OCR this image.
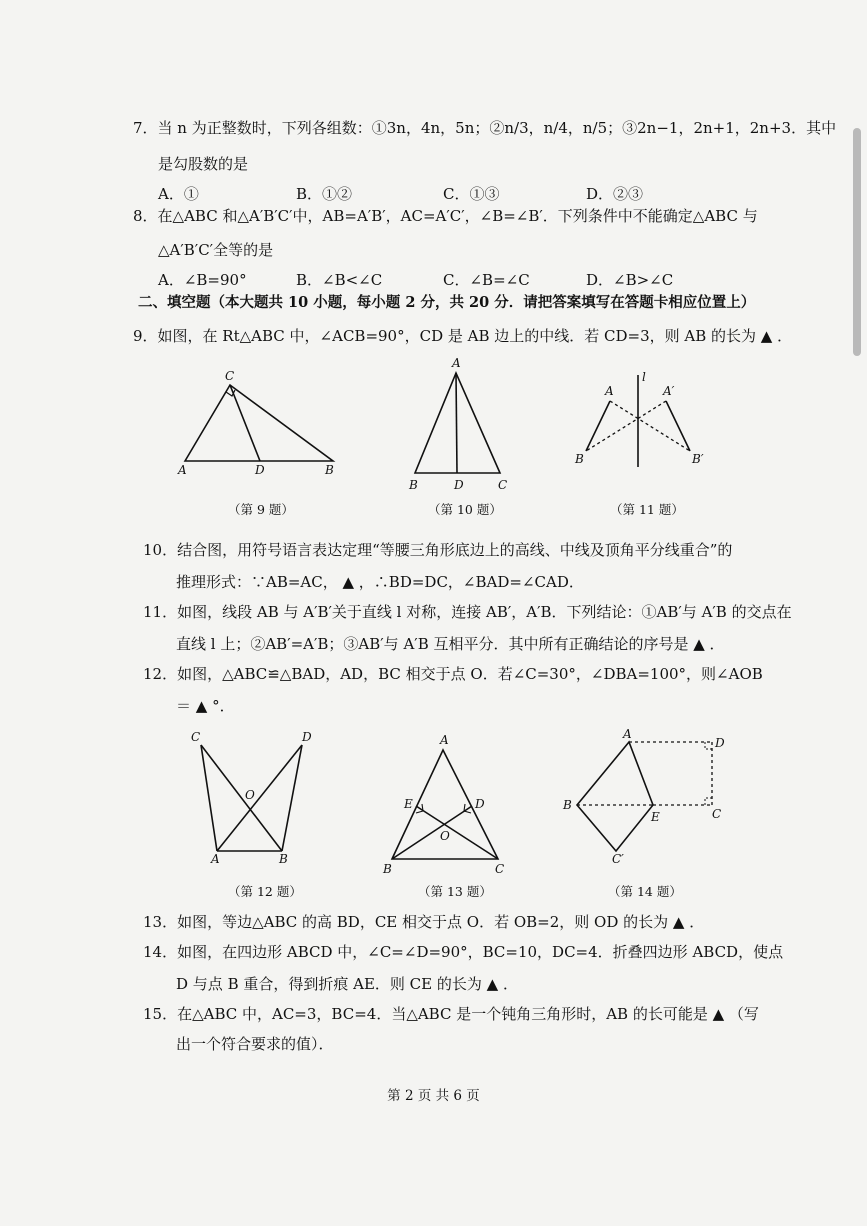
7．当 n 为正整数时，下列各组数：①3n，4n，5n；②n/3，n/4，n/5；③2n−1，2n+1，2n+3．其中
是勾股数的是
A．①	B．①②	C．①③	D．②③
8．在△ABC 和△A′B′C′中，AB=A′B′，AC=A′C′，∠B=∠B′．下列条件中不能确定△ABC 与
△A′B′C′全等的是
A．∠B=90°	B．∠B<∠C	C．∠B=∠C	D．∠B>∠C
二、填空题（本大题共 10 小题，每小题 2 分，共 20 分．请把答案填写在答题卡相应位置上）
9．如图，在 Rt△ABC 中，∠ACB=90°，CD 是 AB 边上的中线．若 CD=3，则 AB 的长为 ▲ ．
C
A	D	B
A
B	D	C
A
l
A′
B	B′
（第 9 题）	（第 10 题）	（第 11 题）
10．结合图，用符号语言表达定理“等腰三角形底边上的高线、中线及顶角平分线重合”的
推理形式：∵AB=AC， ▲ ，∴BD=DC，∠BAD=∠CAD．
11．如图，线段 AB 与 A′B′关于直线 l 对称，连接 AB′，A′B．下列结论：①AB′与 A′B 的交点在
直线 l 上；②AB′=A′B；③AB′与 A′B 互相平分．其中所有正确结论的序号是 ▲ ．
12．如图，△ABC≌△BAD，AD，BC 相交于点 O．若∠C=30°，∠DBA=100°，则∠AOB
＝ ▲ °．
C	D
O
A	B
A
E	D
O
B	C
A
D
B
E	C
C′
（第 12 题）	（第 13 题）	（第 14 题）
13．如图，等边△ABC 的高 BD，CE 相交于点 O．若 OB=2，则 OD 的长为 ▲ ．
14．如图，在四边形 ABCD 中，∠C=∠D=90°，BC=10，DC=4．折叠四边形 ABCD，使点
D 与点 B 重合，得到折痕 AE．则 CE 的长为 ▲ ．
15．在△ABC 中，AC=3，BC=4．当△ABC 是一个钝角三角形时，AB 的长可能是 ▲ （写
出一个符合要求的值）．
第 2 页 共 6 页
